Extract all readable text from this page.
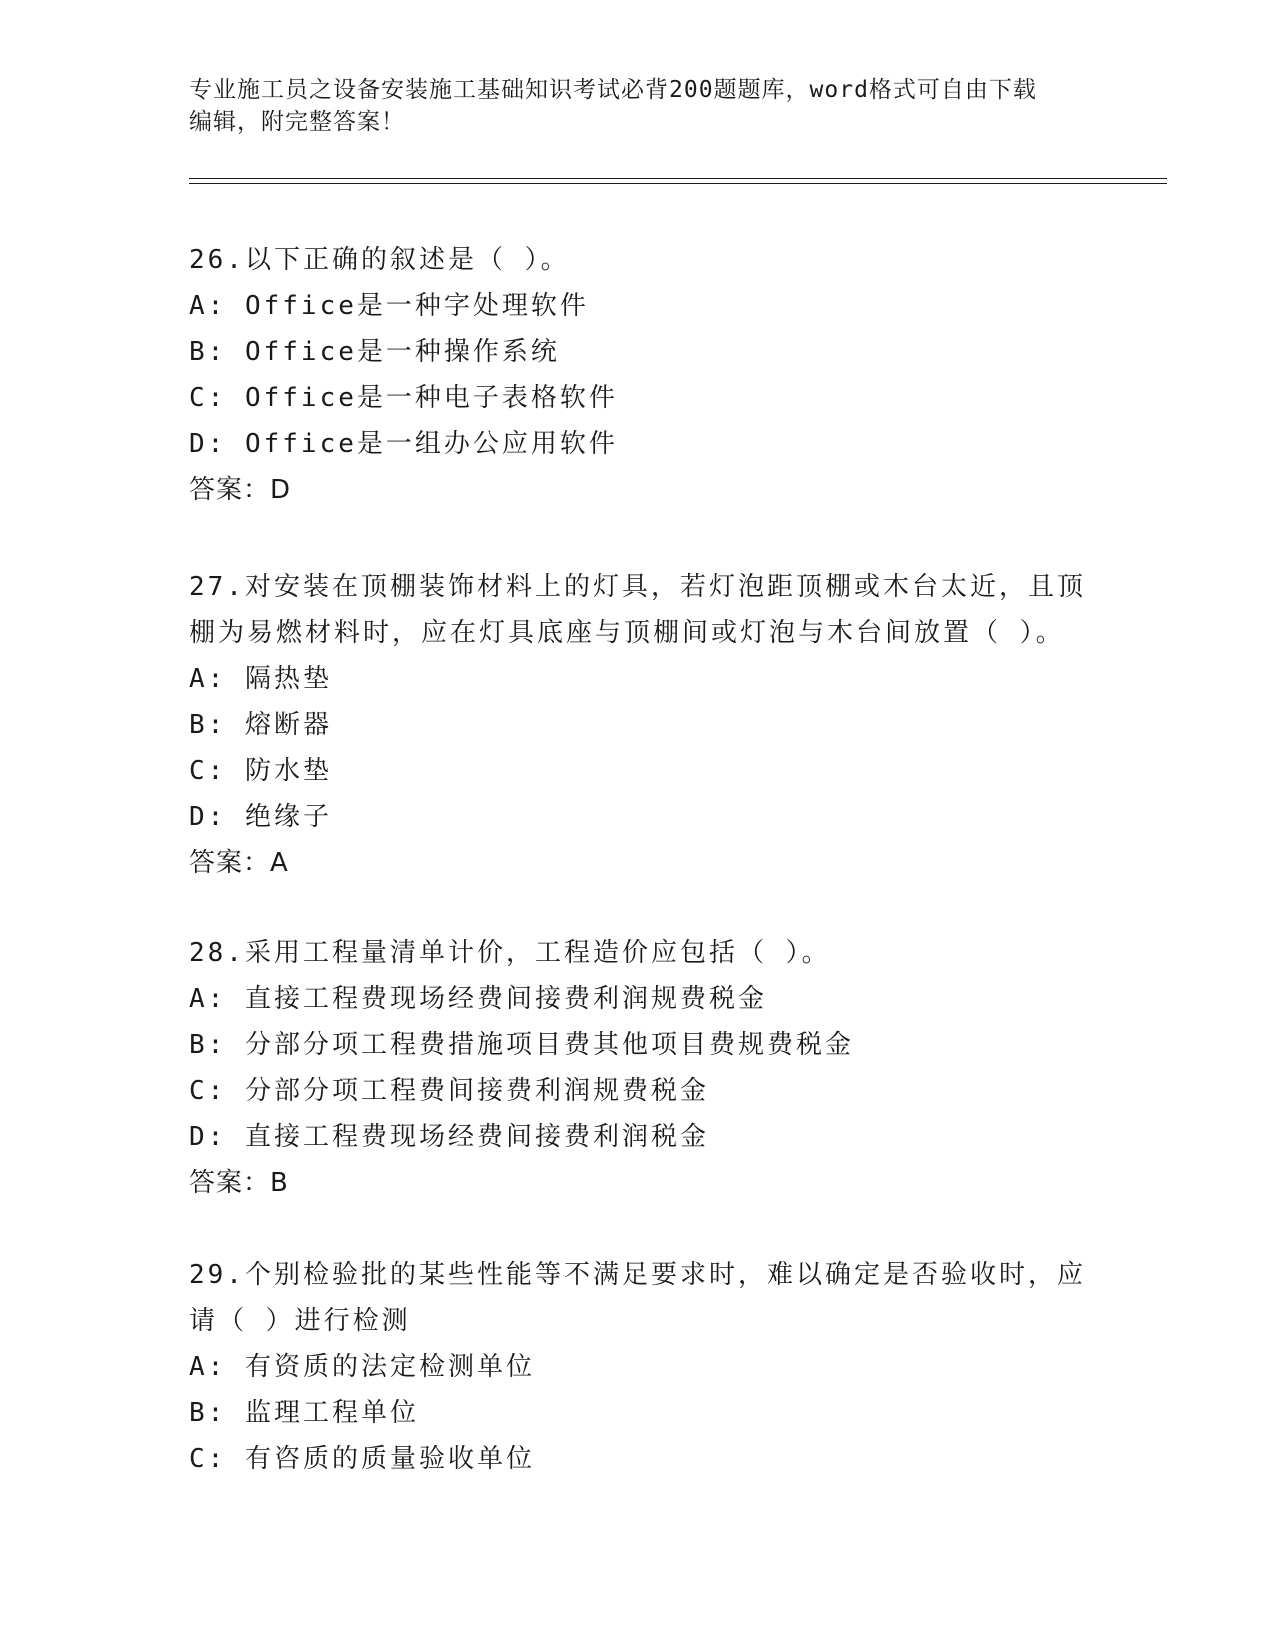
专业施工员之设备安装施工基础知识考试必背200题题库，word格式可自由下载
编辑，附完整答案！
26.以下正确的叙述是（ ）。
A: Office是一种字处理软件
B: Office是一种操作系统
C: Office是一种电子表格软件
D: Office是一组办公应用软件
答案：D
27.对安装在顶棚装饰材料上的灯具，若灯泡距顶棚或木台太近，且顶
棚为易燃材料时，应在灯具底座与顶棚间或灯泡与木台间放置（ ）。
A: 隔热垫
B: 熔断器
C: 防水垫
D: 绝缘子
答案：A
28.采用工程量清单计价，工程造价应包括（ ）。
A: 直接工程费现场经费间接费利润规费税金
B: 分部分项工程费措施项目费其他项目费规费税金
C: 分部分项工程费间接费利润规费税金
D: 直接工程费现场经费间接费利润税金
答案：B
29.个别检验批的某些性能等不满足要求时，难以确定是否验收时，应
请（ ）进行检测
A: 有资质的法定检测单位
B: 监理工程单位
C: 有咨质的质量验收单位
